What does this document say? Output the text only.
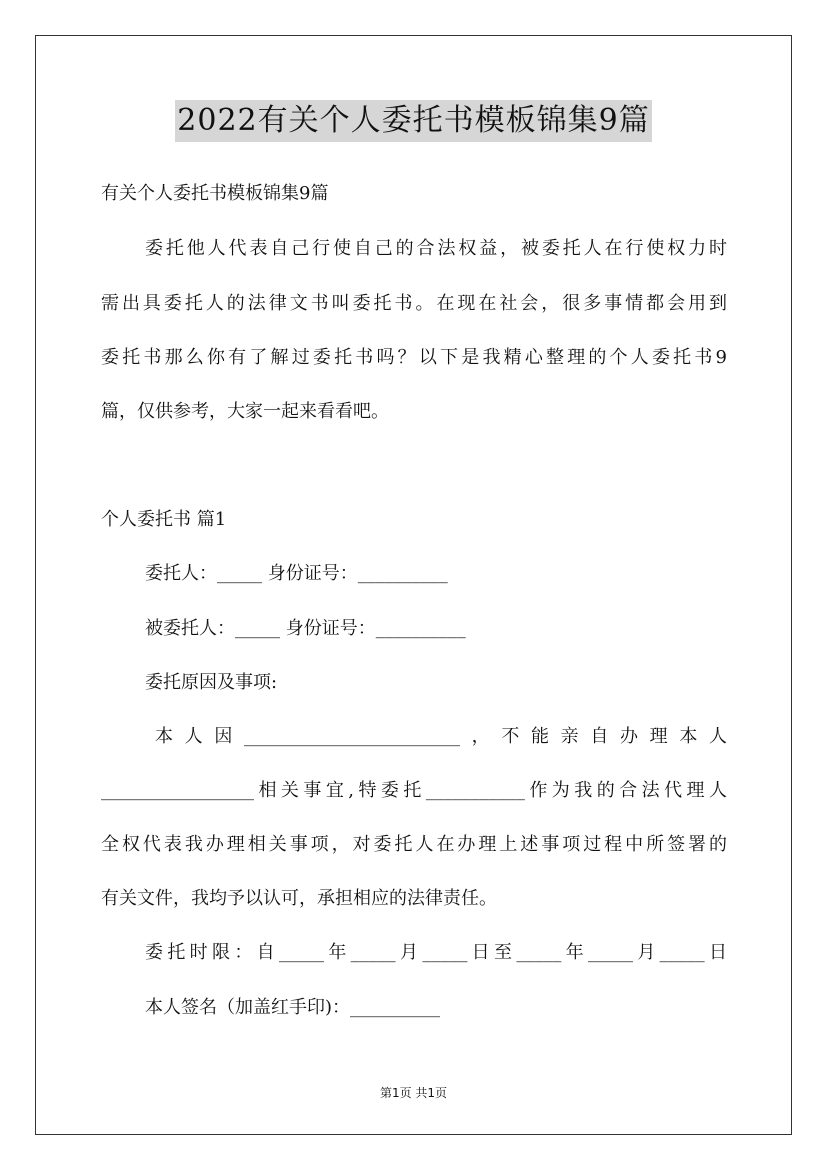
2022有关个人委托书模板锦集9篇
有关个人委托书模板锦集9篇
委托他人代表自己行使自己的合法权益，被委托人在行使权力时
需出具委托人的法律文书叫委托书。在现在社会，很多事情都会用到
委托书那么你有了解过委托书吗？以下是我精心整理的个人委托书9
篇，仅供参考，大家一起来看看吧。
个人委托书 篇1
委托人：_____ 身份证号：__________
被委托人：_____ 身份证号：__________
委托原因及事项:
本人因________________________，不能亲自办理本人
_________________相关事宜,特委托___________作为我的合法代理人
全权代表我办理相关事项，对委托人在办理上述事项过程中所签署的
有关文件，我均予以认可，承担相应的法律责任。
委托时限：自_____年_____月_____日至_____年_____月_____日
本人签名（加盖红手印)：__________
第1页 共1页
